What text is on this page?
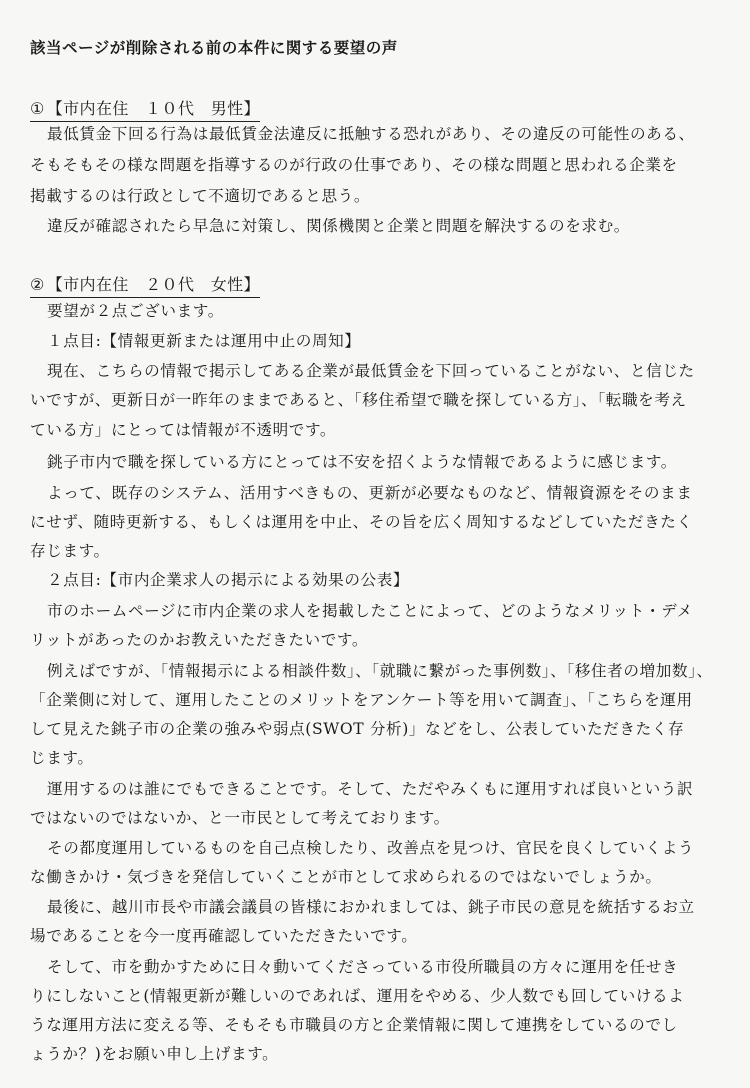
該当ページが削除される前の本件に関する要望の声
① 【市内在住　１０代　男性】
最低賃金下回る行為は最低賃金法違反に抵触する恐れがあり、その違反の可能性のある、
そもそもその様な問題を指導するのが行政の仕事であり、その様な問題と思われる企業を
掲載するのは行政として不適切であると思う。
違反が確認されたら早急に対策し、関係機関と企業と問題を解決するのを求む。
② 【市内在住　２０代　女性】
要望が２点ございます。
１点目:【情報更新または運用中止の周知】
現在、こちらの情報で掲示してある企業が最低賃金を下回っていることがない、と信じた
いですが、更新日が一昨年のままであると、「移住希望で職を探している方」、「転職を考え
ている方」にとっては情報が不透明です。
銚子市内で職を探している方にとっては不安を招くような情報であるように感じます。
よって、既存のシステム、活用すべきもの、更新が必要なものなど、情報資源をそのまま
にせず、随時更新する、もしくは運用を中止、その旨を広く周知するなどしていただきたく
存じます。
２点目:【市内企業求人の掲示による効果の公表】
市のホームページに市内企業の求人を掲載したことによって、どのようなメリット・デメ
リットがあったのかお教えいただきたいです。
例えばですが、「情報掲示による相談件数」、「就職に繋がった事例数」、「移住者の増加数」、
「企業側に対して、運用したことのメリットをアンケート等を用いて調査」、「こちらを運用
して見えた銚子市の企業の強みや弱点(SWOT 分析)」などをし、公表していただきたく存
じます。
運用するのは誰にでもできることです。そして、ただやみくもに運用すれば良いという訳
ではないのではないか、と一市民として考えております。
その都度運用しているものを自己点検したり、改善点を見つけ、官民を良くしていくよう
な働きかけ・気づきを発信していくことが市として求められるのではないでしょうか。
最後に、越川市長や市議会議員の皆様におかれましては、銚子市民の意見を統括するお立
場であることを今一度再確認していただきたいです。
そして、市を動かすために日々動いてくださっている市役所職員の方々に運用を任せき
りにしないこと(情報更新が難しいのであれば、運用をやめる、少人数でも回していけるよ
うな運用方法に変える等、そもそも市職員の方と企業情報に関して連携をしているのでし
ょうか？)をお願い申し上げます。
